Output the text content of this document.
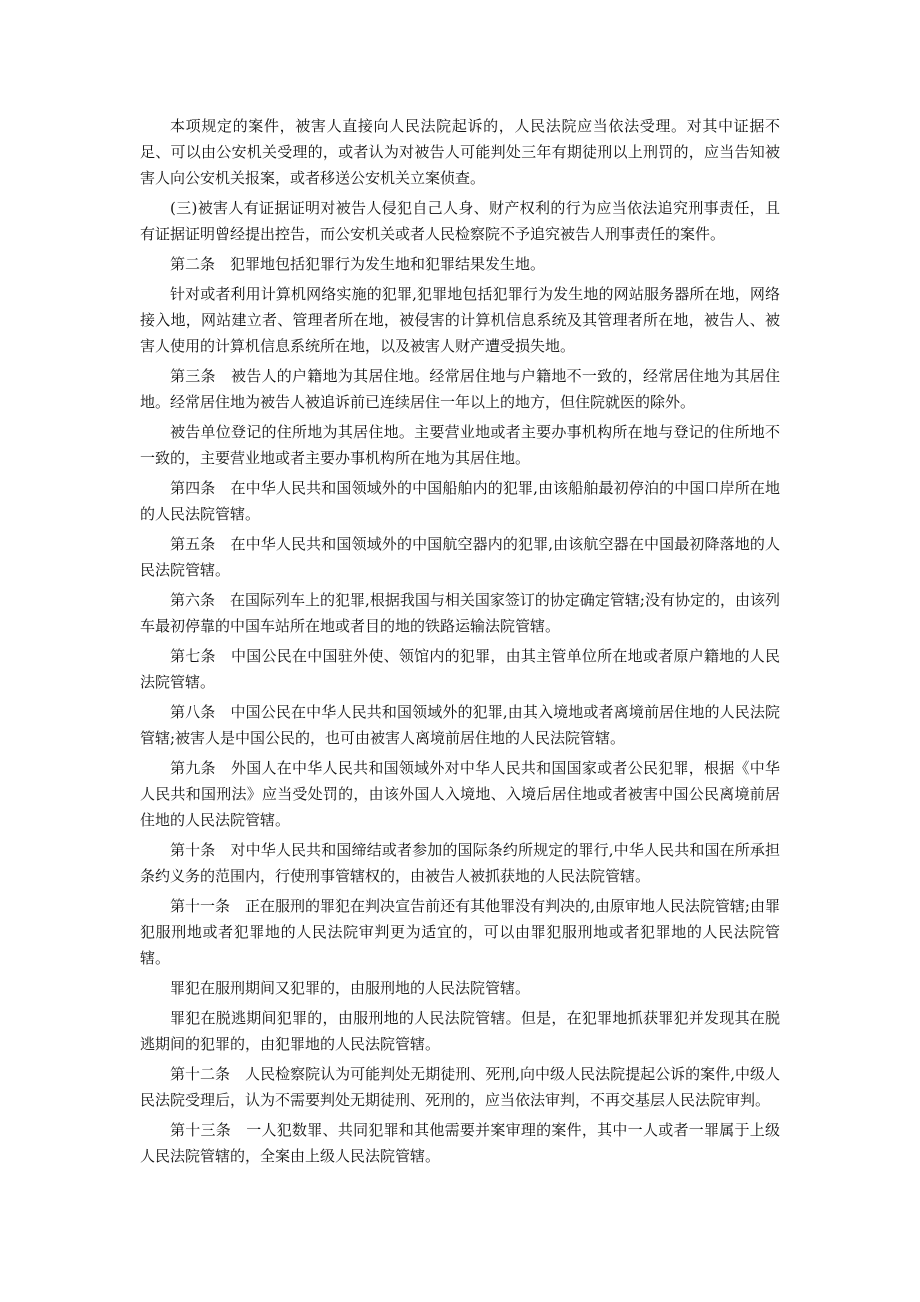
本项规定的案件，被害人直接向人民法院起诉的，人民法院应当依法受理。对其中证据不足、可以由公安机关受理的，或者认为对被告人可能判处三年有期徒刑以上刑罚的，应当告知被害人向公安机关报案，或者移送公安机关立案侦查。

(三)被害人有证据证明对被告人侵犯自己人身、财产权利的行为应当依法追究刑事责任，且有证据证明曾经提出控告，而公安机关或者人民检察院不予追究被告人刑事责任的案件。

第二条　犯罪地包括犯罪行为发生地和犯罪结果发生地。

针对或者利用计算机网络实施的犯罪,犯罪地包括犯罪行为发生地的网站服务器所在地，网络接入地，网站建立者、管理者所在地，被侵害的计算机信息系统及其管理者所在地，被告人、被害人使用的计算机信息系统所在地，以及被害人财产遭受损失地。

第三条　被告人的户籍地为其居住地。经常居住地与户籍地不一致的，经常居住地为其居住地。经常居住地为被告人被追诉前已连续居住一年以上的地方，但住院就医的除外。

被告单位登记的住所地为其居住地。主要营业地或者主要办事机构所在地与登记的住所地不一致的，主要营业地或者主要办事机构所在地为其居住地。

第四条　在中华人民共和国领域外的中国船舶内的犯罪,由该船舶最初停泊的中国口岸所在地的人民法院管辖。

第五条　在中华人民共和国领域外的中国航空器内的犯罪,由该航空器在中国最初降落地的人民法院管辖。

第六条　在国际列车上的犯罪,根据我国与相关国家签订的协定确定管辖;没有协定的，由该列车最初停靠的中国车站所在地或者目的地的铁路运输法院管辖。

第七条　中国公民在中国驻外使、领馆内的犯罪，由其主管单位所在地或者原户籍地的人民法院管辖。

第八条　中国公民在中华人民共和国领域外的犯罪,由其入境地或者离境前居住地的人民法院管辖;被害人是中国公民的，也可由被害人离境前居住地的人民法院管辖。

第九条　外国人在中华人民共和国领域外对中华人民共和国国家或者公民犯罪，根据《中华人民共和国刑法》应当受处罚的，由该外国人入境地、入境后居住地或者被害中国公民离境前居住地的人民法院管辖。

第十条　对中华人民共和国缔结或者参加的国际条约所规定的罪行,中华人民共和国在所承担条约义务的范围内，行使刑事管辖权的，由被告人被抓获地的人民法院管辖。

第十一条　正在服刑的罪犯在判决宣告前还有其他罪没有判决的,由原审地人民法院管辖;由罪犯服刑地或者犯罪地的人民法院审判更为适宜的，可以由罪犯服刑地或者犯罪地的人民法院管辖。

罪犯在服刑期间又犯罪的，由服刑地的人民法院管辖。

罪犯在脱逃期间犯罪的，由服刑地的人民法院管辖。但是，在犯罪地抓获罪犯并发现其在脱逃期间的犯罪的，由犯罪地的人民法院管辖。

第十二条　人民检察院认为可能判处无期徒刑、死刑,向中级人民法院提起公诉的案件,中级人民法院受理后，认为不需要判处无期徒刑、死刑的，应当依法审判，不再交基层人民法院审判。

第十三条　一人犯数罪、共同犯罪和其他需要并案审理的案件，其中一人或者一罪属于上级人民法院管辖的，全案由上级人民法院管辖。
